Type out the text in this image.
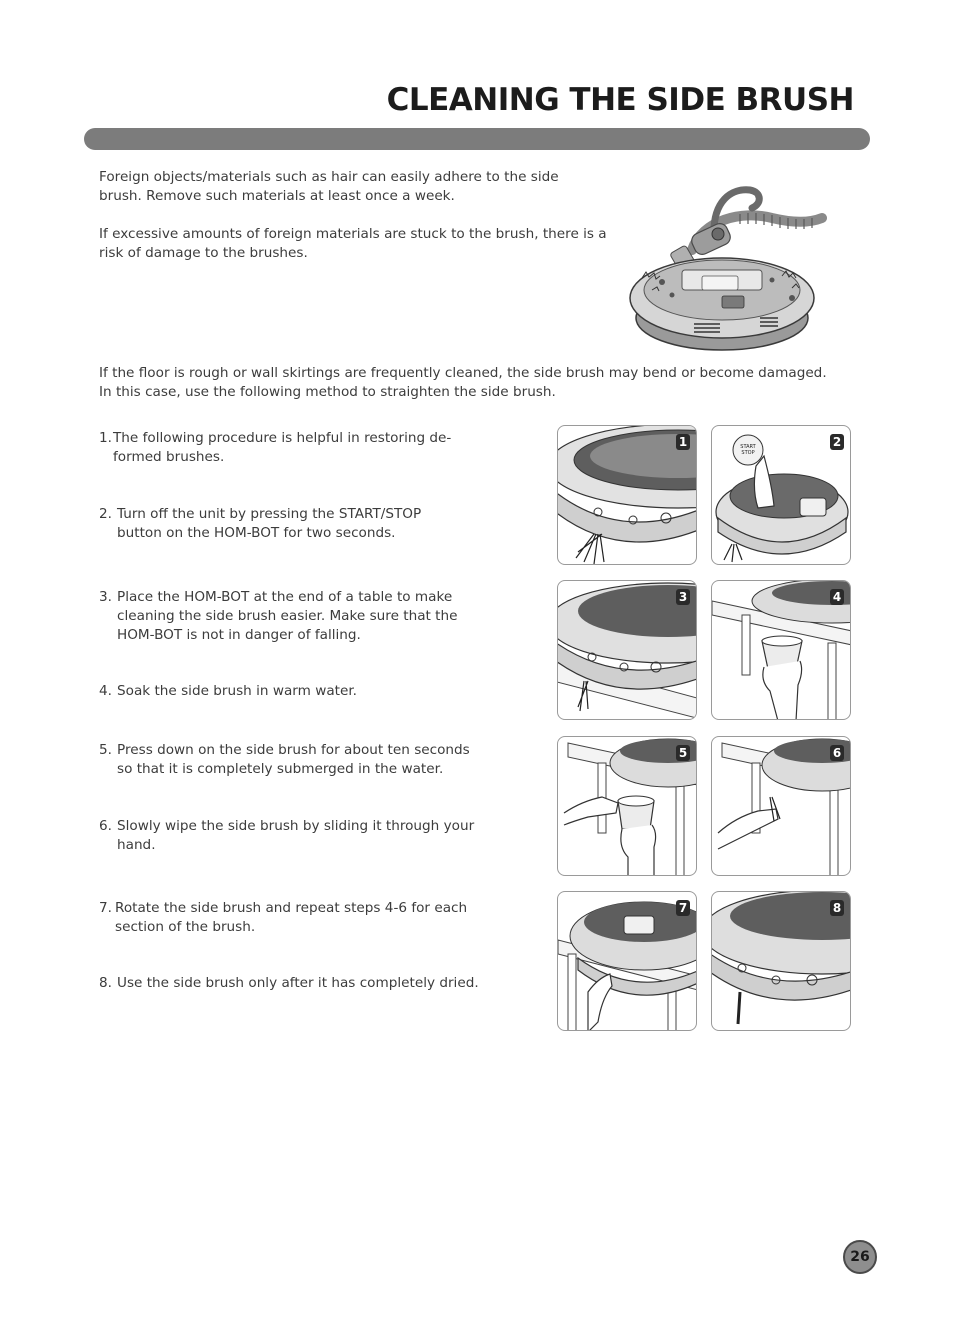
CLEANING THE SIDE BRUSH

Foreign objects/materials such as hair can easily adhere to the side
brush. Remove such materials at least once a week.

If excessive amounts of foreign materials are stuck to the brush, there is a
risk of damage to the brushes.

If the floor is rough or wall skirtings are frequently cleaned, the side brush may bend or become damaged.
In this case, use the following method to straighten the side brush.

1. The following procedure is helpful in restoring de-
formed brushes.
2. Turn off the unit by pressing the START/STOP
button on the HOM-BOT for two seconds.
3. Place the HOM-BOT at the end of a table to make
cleaning the side brush easier. Make sure that the
HOM-BOT is not in danger of falling.
4. Soak the side brush in warm water.
5. Press down on the side brush for about ten seconds
so that it is completely submerged in the water.
6. Slowly wipe the side brush by sliding it through your
hand.
7. Rotate the side brush and repeat steps 4-6 for each
section of the brush.
8. Use the side brush only after it has completely dried.
1	START
STOP
2
3	4
5	6
7	8
26
